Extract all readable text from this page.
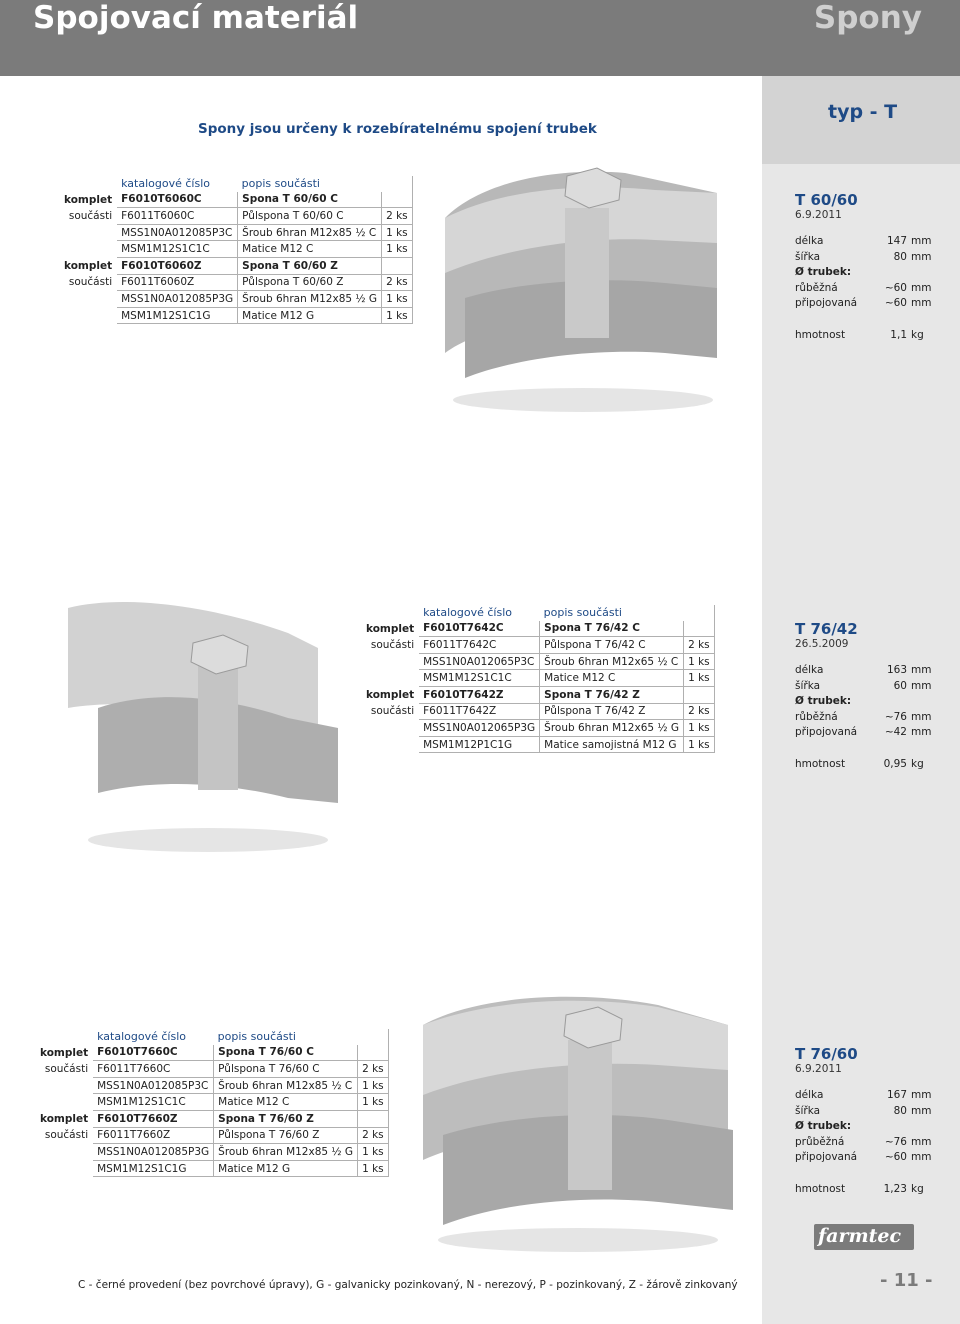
Spojovací materiál	Spony
typ - T
Spony jsou určeny k rozebíratelnému spojení trubek
	katalogové číslo	popis součásti	
komplet	F6010T6060C	Spona T 60/60 C	
součásti	F6011T6060C	Půlspona T 60/60 C	2 ks
	MSS1N0A012085P3C	Šroub 6hran M12x85 ½ C	1 ks
	MSM1M12S1C1C	Matice M12 C	1 ks
komplet	F6010T6060Z	Spona T 60/60 Z	
součásti	F6011T6060Z	Půlspona T 60/60 Z	2 ks
	MSS1N0A012085P3G	Šroub 6hran M12x85 ½ G	1 ks
	MSM1M12S1C1G	Matice M12 G	1 ks
T 60/60
6.9.2011
délka	147 mm
šířka	80 mm
Ø trubek:
růběžná	~60 mm
připojovaná	~60 mm
hmotnost	1,1 kg
	katalogové číslo	popis součásti	
komplet	F6010T7642C	Spona T 76/42 C	
součásti	F6011T7642C	Půlspona T 76/42 C	2 ks
	MSS1N0A012065P3C	Šroub 6hran M12x65 ½ C	1 ks
	MSM1M12S1C1C	Matice M12 C	1 ks
komplet	F6010T7642Z	Spona T 76/42 Z	
součásti	F6011T7642Z	Půlspona T 76/42 Z	2 ks
	MSS1N0A012065P3G	Šroub 6hran M12x65 ½ G	1 ks
	MSM1M12P1C1G	Matice samojistná M12 G	1 ks
T 76/42
26.5.2009
délka	163 mm
šířka	60 mm
Ø trubek:
růběžná	~76 mm
připojovaná	~42 mm
hmotnost	0,95 kg
	katalogové číslo	popis součásti	
komplet	F6010T7660C	Spona T 76/60 C	
součásti	F6011T7660C	Půlspona T 76/60 C	2 ks
	MSS1N0A012085P3C	Šroub 6hran M12x85 ½ C	1 ks
	MSM1M12S1C1C	Matice M12 C	1 ks
komplet	F6010T7660Z	Spona T 76/60 Z	
součásti	F6011T7660Z	Půlspona T 76/60 Z	2 ks
	MSS1N0A012085P3G	Šroub 6hran M12x85 ½ G	1 ks
	MSM1M12S1C1G	Matice M12 G	1 ks
T 76/60
6.9.2011
délka	167 mm
šířka	80 mm
Ø trubek:
průběžná	~76 mm
připojovaná	~60 mm
hmotnost	1,23 kg
farmtec
C - černé provedení (bez povrchové úpravy), G - galvanicky pozinkovaný, N - nerezový, P - pozinkovaný, Z - žárově zinkovaný	- 11 -
